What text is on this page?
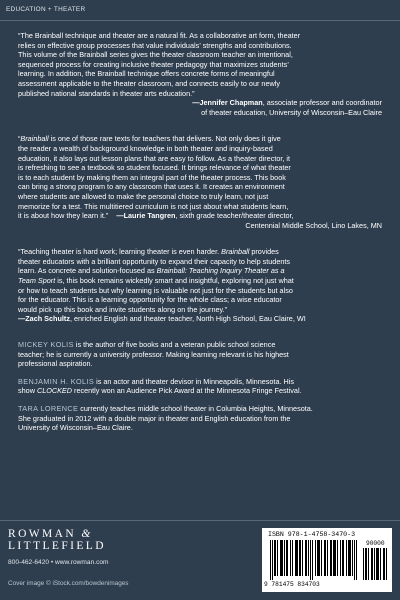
EDUCATION + THEATER
“The Brainball technique and theater are a natural fit. As a collaborative art form, theater
relies on effective group processes that value individuals’ strengths and contributions.
This volume of the Brainball series gives the theater classroom teacher an intentional,
sequenced process for creating inclusive theater pedagogy that maximizes students’
learning. In addition, the Brainball technique offers concrete forms of meaningful
assessment applicable to the theater classroom, and connects easily to our newly
published national standards in theater arts education.”
—Jennifer Chapman, associate professor and coordinator
of theater education, University of Wisconsin–Eau Claire
“Brainball is one of those rare texts for teachers that delivers. Not only does it give
the reader a wealth of background knowledge in both theater and inquiry-based
education, it also lays out lesson plans that are easy to follow. As a theater director, it
is refreshing to see a textbook so student focused. It brings relevance of what theater
is to each student by making them an integral part of the theater process. This book
can bring a strong program to any classroom that uses it. It creates an environment
where students are allowed to make the personal choice to truly learn, not just
memorize for a test. This multitiered curriculum is not just about what students learn,
it is about how they learn it.” —Laurie Tangren, sixth grade teacher/theater director,
Centennial Middle School, Lino Lakes, MN
“Teaching theater is hard work; learning theater is even harder. Brainball provides
theater educators with a brilliant opportunity to expand their capacity to help students
learn. As concrete and solution-focused as Brainball: Teaching Inquiry Theater as a
Team Sport is, this book remains wickedly smart and insightful, exploring not just what
or how to teach students but why learning is valuable not just for the students but also
for the educator. This is a learning opportunity for the whole class; a wise educator
would pick up this book and invite students along on the journey.”
—Zach Schultz, enriched English and theater teacher, North High School, Eau Claire, WI
MICKEY KOLIS is the author of five books and a veteran public school science
teacher; he is currently a university professor. Making learning relevant is his highest
professional aspiration.
BENJAMIN H. KOLIS is an actor and theater devisor in Minneapolis, Minnesota. His
show CLOCKED recently won an Audience Pick Award at the Minnesota Fringe Festival.
TARA LORENCE currently teaches middle school theater in Columbia Heights, Minnesota.
She graduated in 2012 with a double major in theater and English education from the
University of Wisconsin–Eau Claire.
ROWMAN &
LITTLEFIELD
800-462-6420 • www.rowman.com
Cover image © iStock.com/bowdenimages
ISBN 978-1-4758-3470-3
90000
9 781475 834703
